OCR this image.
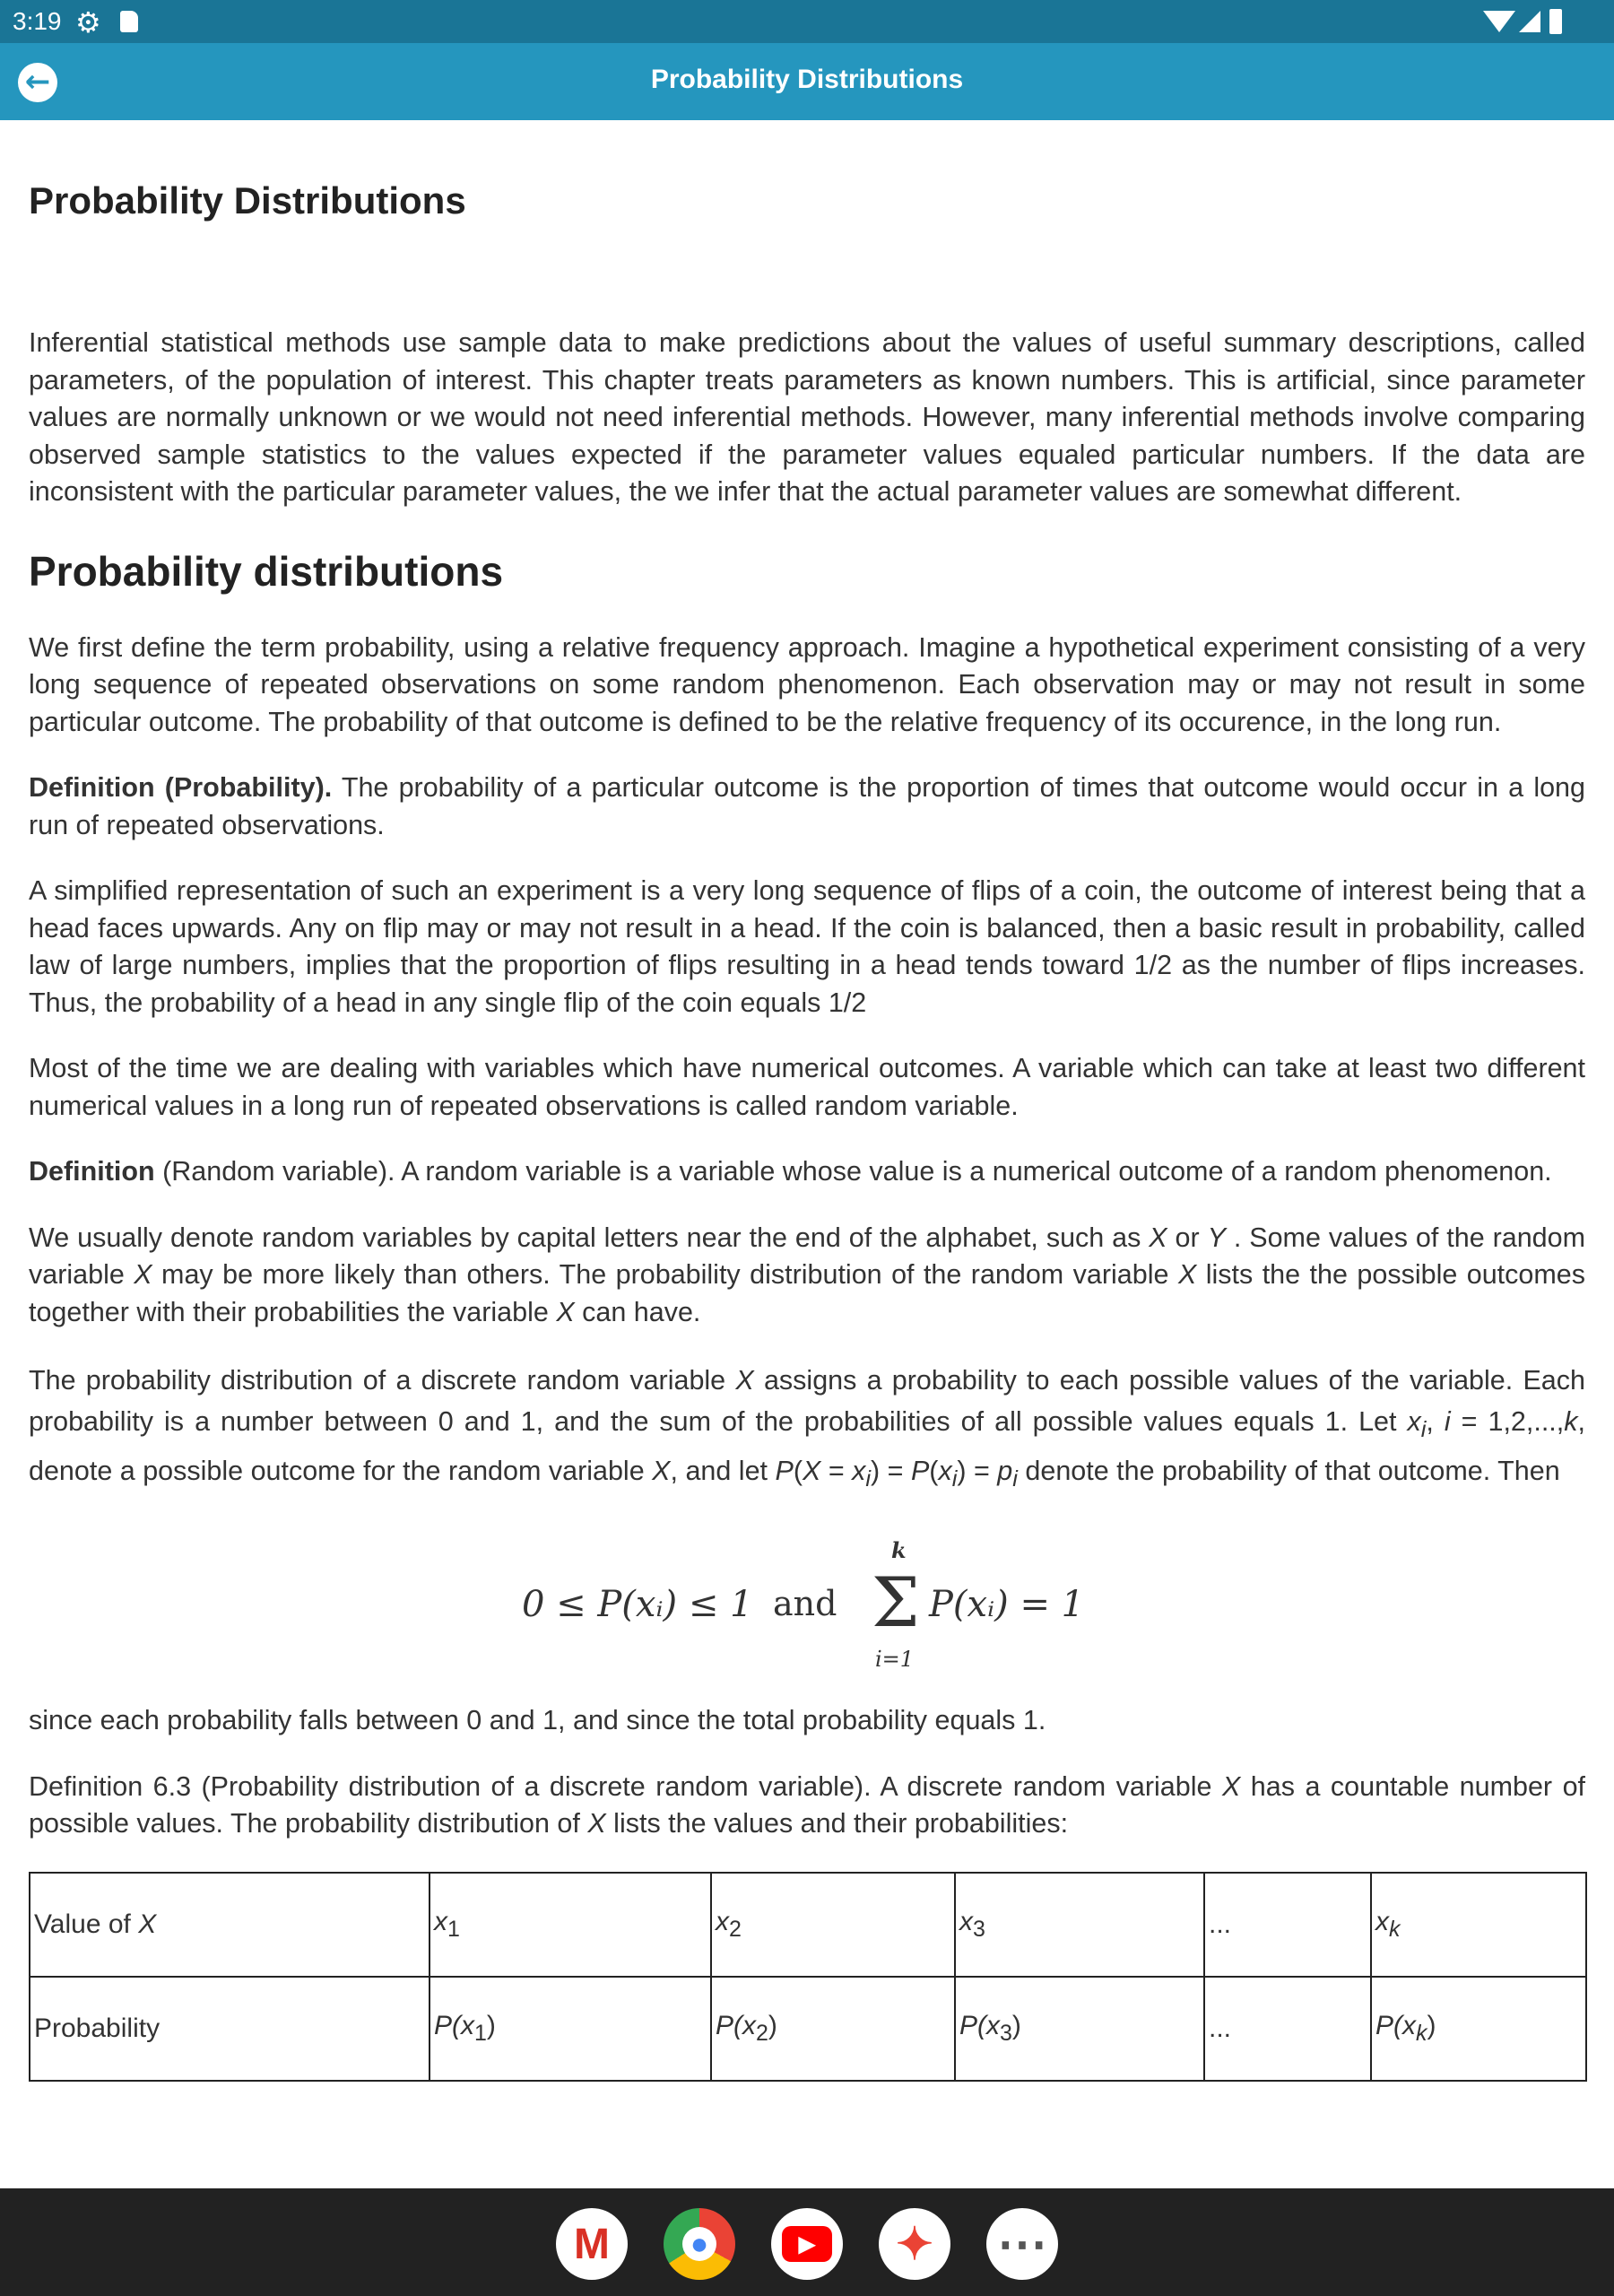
3:19 ⚙
←	Probability Distributions
Probability Distributions

Inferential statistical methods use sample data to make predictions about the values of useful summary descriptions, called parameters, of the population of interest. This chapter treats parameters as known numbers. This is artificial, since parameter values are normally unknown or we would not need inferential methods. However, many inferential methods involve comparing observed sample statistics to the values expected if the parameter values equaled particular numbers. If the data are inconsistent with the particular parameter values, the we infer that the actual parameter values are somewhat different.

Probability distributions

We first define the term probability, using a relative frequency approach. Imagine a hypothetical experiment consisting of a very long sequence of repeated observations on some random phenomenon. Each observation may or may not result in some particular outcome. The probability of that outcome is defined to be the relative frequency of its occurence, in the long run.

Definition (Probability). The probability of a particular outcome is the proportion of times that outcome would occur in a long run of repeated observations.

A simplified representation of such an experiment is a very long sequence of flips of a coin, the outcome of interest being that a head faces upwards. Any on flip may or may not result in a head. If the coin is balanced, then a basic result in probability, called law of large numbers, implies that the proportion of flips resulting in a head tends toward 1/2 as the number of flips increases. Thus, the probability of a head in any single flip of the coin equals 1/2

Most of the time we are dealing with variables which have numerical outcomes. A variable which can take at least two different numerical values in a long run of repeated observations is called random variable.

Definition (Random variable). A random variable is a variable whose value is a numerical outcome of a random phenomenon.

We usually denote random variables by capital letters near the end of the alphabet, such as X or Y . Some values of the random variable X may be more likely than others. The probability distribution of the random variable X lists the the possible outcomes together with their probabilities the variable X can have.

The probability distribution of a discrete random variable X assigns a probability to each possible values of the variable. Each probability is a number between 0 and 1, and the sum of the probabilities of all possible values equals 1. Let $x_i$, i = 1,2,...,k, denote a possible outcome for the random variable X, and let $P(X = x_i) = P(x_i) = p_i$ denote the probability of that outcome. Then

0 ≤ P(xᵢ) ≤ 1 and
k
Σ
i=1
P(xᵢ) = 1

since each probability falls between 0 and 1, and since the total probability equals 1.

Definition 6.3 (Probability distribution of a discrete random variable). A discrete random variable X has a countable number of possible values. The probability distribution of X lists the values and their probabilities:

Value of X	$x_1$	$x_2$	$x_3$	...	$x_k$
Probability	$P(x_1)$	$P(x_2)$	$P(x_3)$	...	$P(x_k)$
M	●	▶	✦ ⋯
